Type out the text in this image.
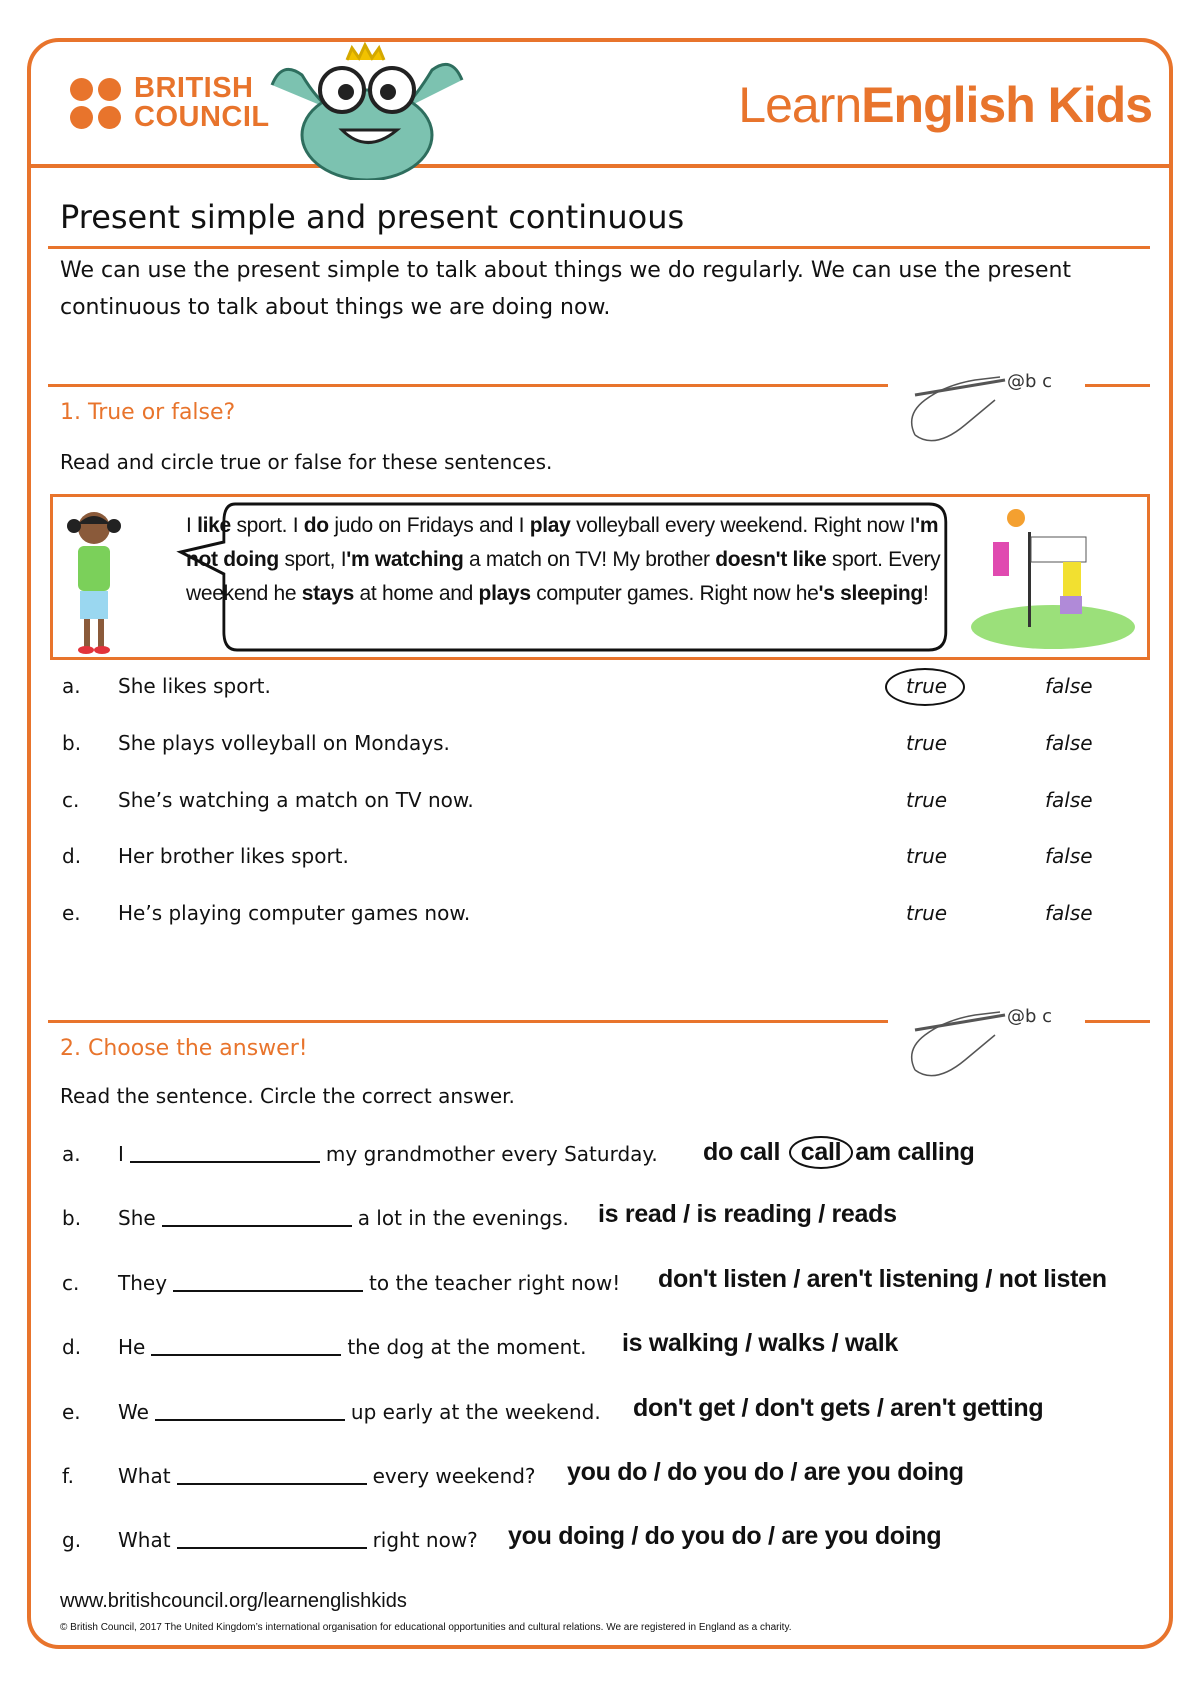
BRITISH
COUNCIL	LearnEnglish Kids
Present simple and present continuous
We can use the present simple to talk about things we do regularly. We can use the present continuous to talk about things we are doing now.
@b c
1. True or false?
Read and circle true or false for these sentences.
I like sport. I do judo on Fridays and I play volleyball every weekend. Right now I'm not doing sport, I'm watching a match on TV! My brother doesn't like sport. Every weekend he stays at home and plays computer games. Right now he's sleeping!
a. She likes sport.	true	false
b. She plays volleyball on Mondays.	true	false
c. She’s watching a match on TV now.	true	false
d. Her brother likes sport.	true	false
e. He’s playing computer games now.	true	false
@b c
2. Choose the answer!
Read the sentence. Circle the correct answer.
a. I	my grandmother every Saturday. do call call am calling
b. She	a lot in the evenings. is read / is reading / reads
c. They	to the teacher right now! don't listen / aren't listening / not listen
d. He	the dog at the moment. is walking / walks / walk
e. We	up early at the weekend. don't get / don't gets / aren't getting
f. What	every weekend? you do / do you do / are you doing
g. What	right now? you doing / do you do / are you doing
www.britishcouncil.org/learnenglishkids
© British Council, 2017 The United Kingdom’s international organisation for educational opportunities and cultural relations. We are registered in England as a charity.
